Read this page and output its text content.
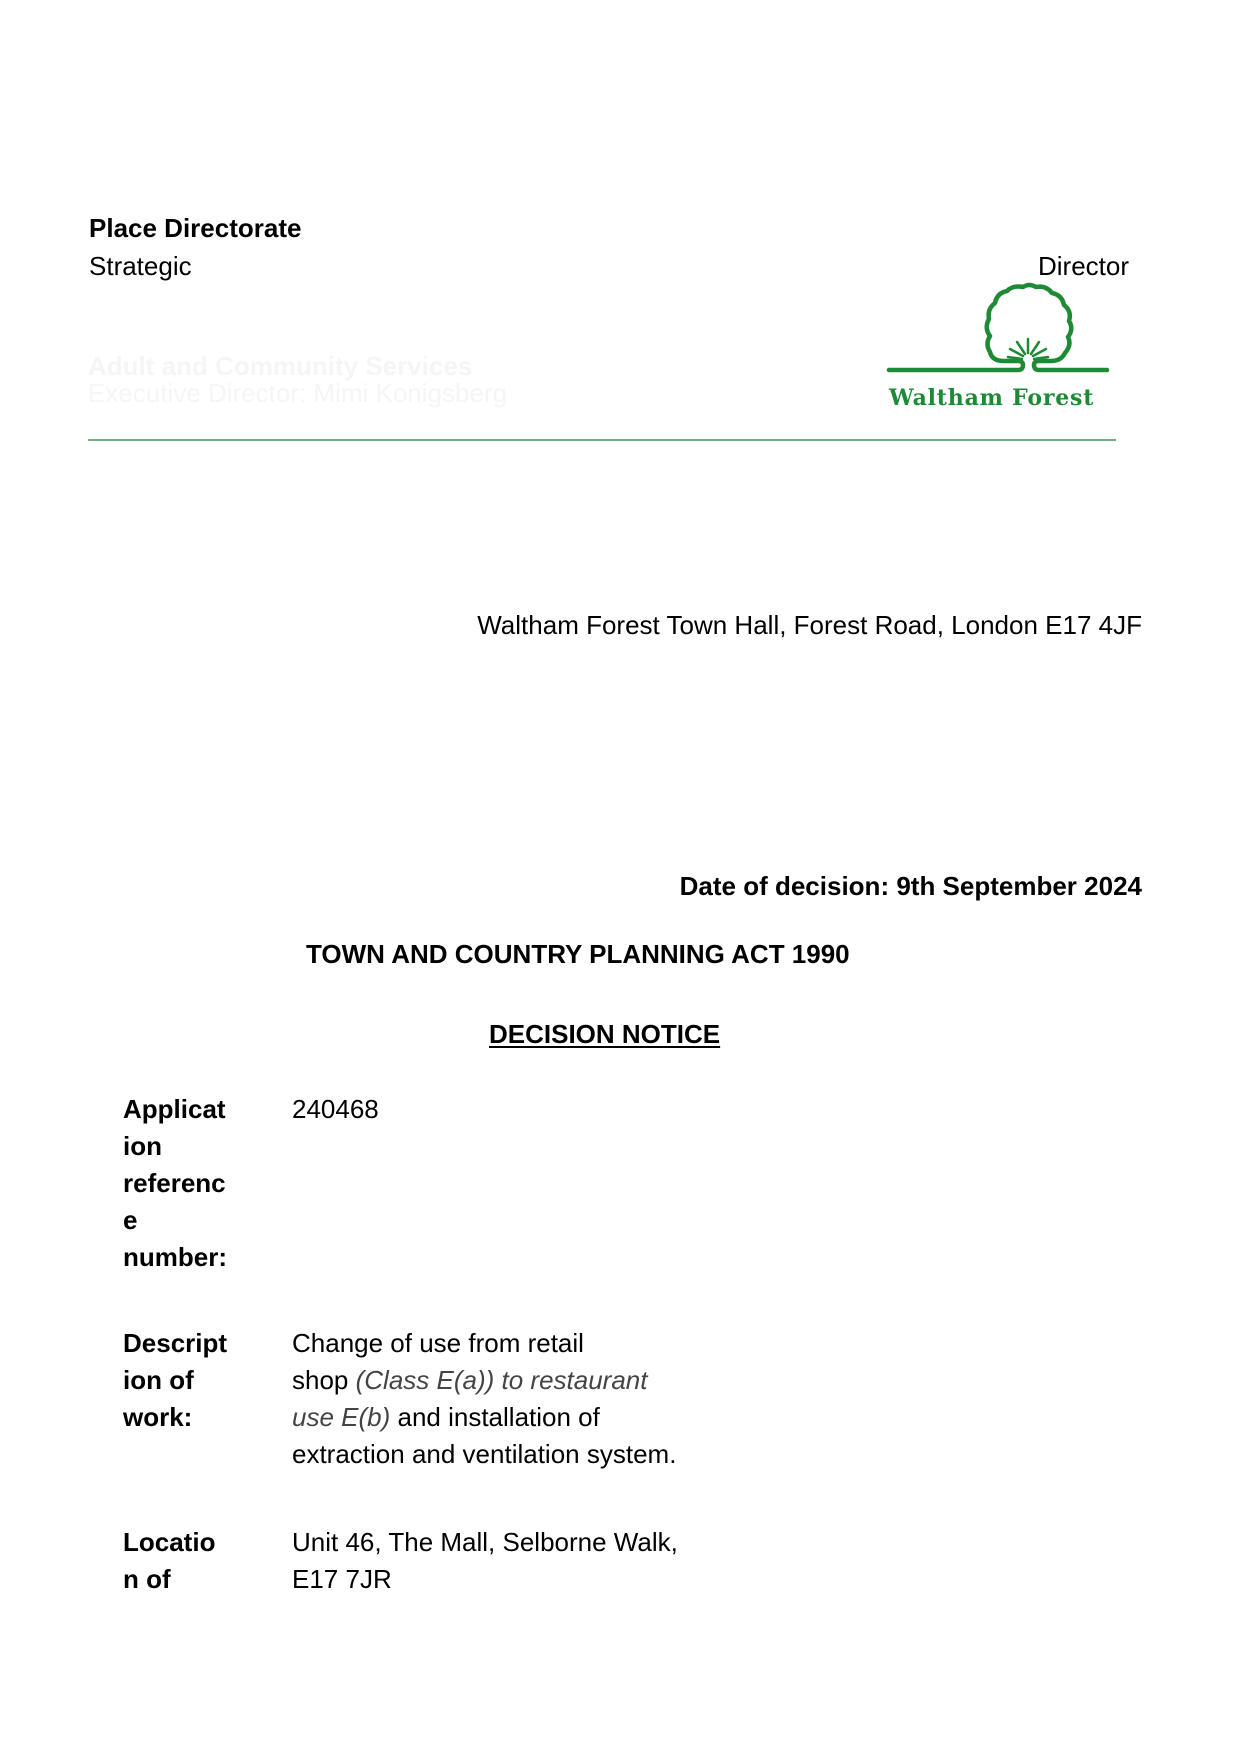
Place Directorate
Strategic	Director
Adult and Community Services
Executive Director: Mimi Konigsberg	Waltham Forest
Waltham Forest Town Hall, Forest Road, London E17 4JF
Date of decision: 9th September 2024
TOWN AND COUNTRY PLANNING ACT 1990
DECISION NOTICE
Applicat
ion
referenc
e
number:
240468
Descript
ion of
work:
Change of use from retail
shop (Class E(a)) to restaurant
use E(b) and installation of
extraction and ventilation system.
Locatio
n of
Unit 46, The Mall, Selborne Walk,
E17 7JR
